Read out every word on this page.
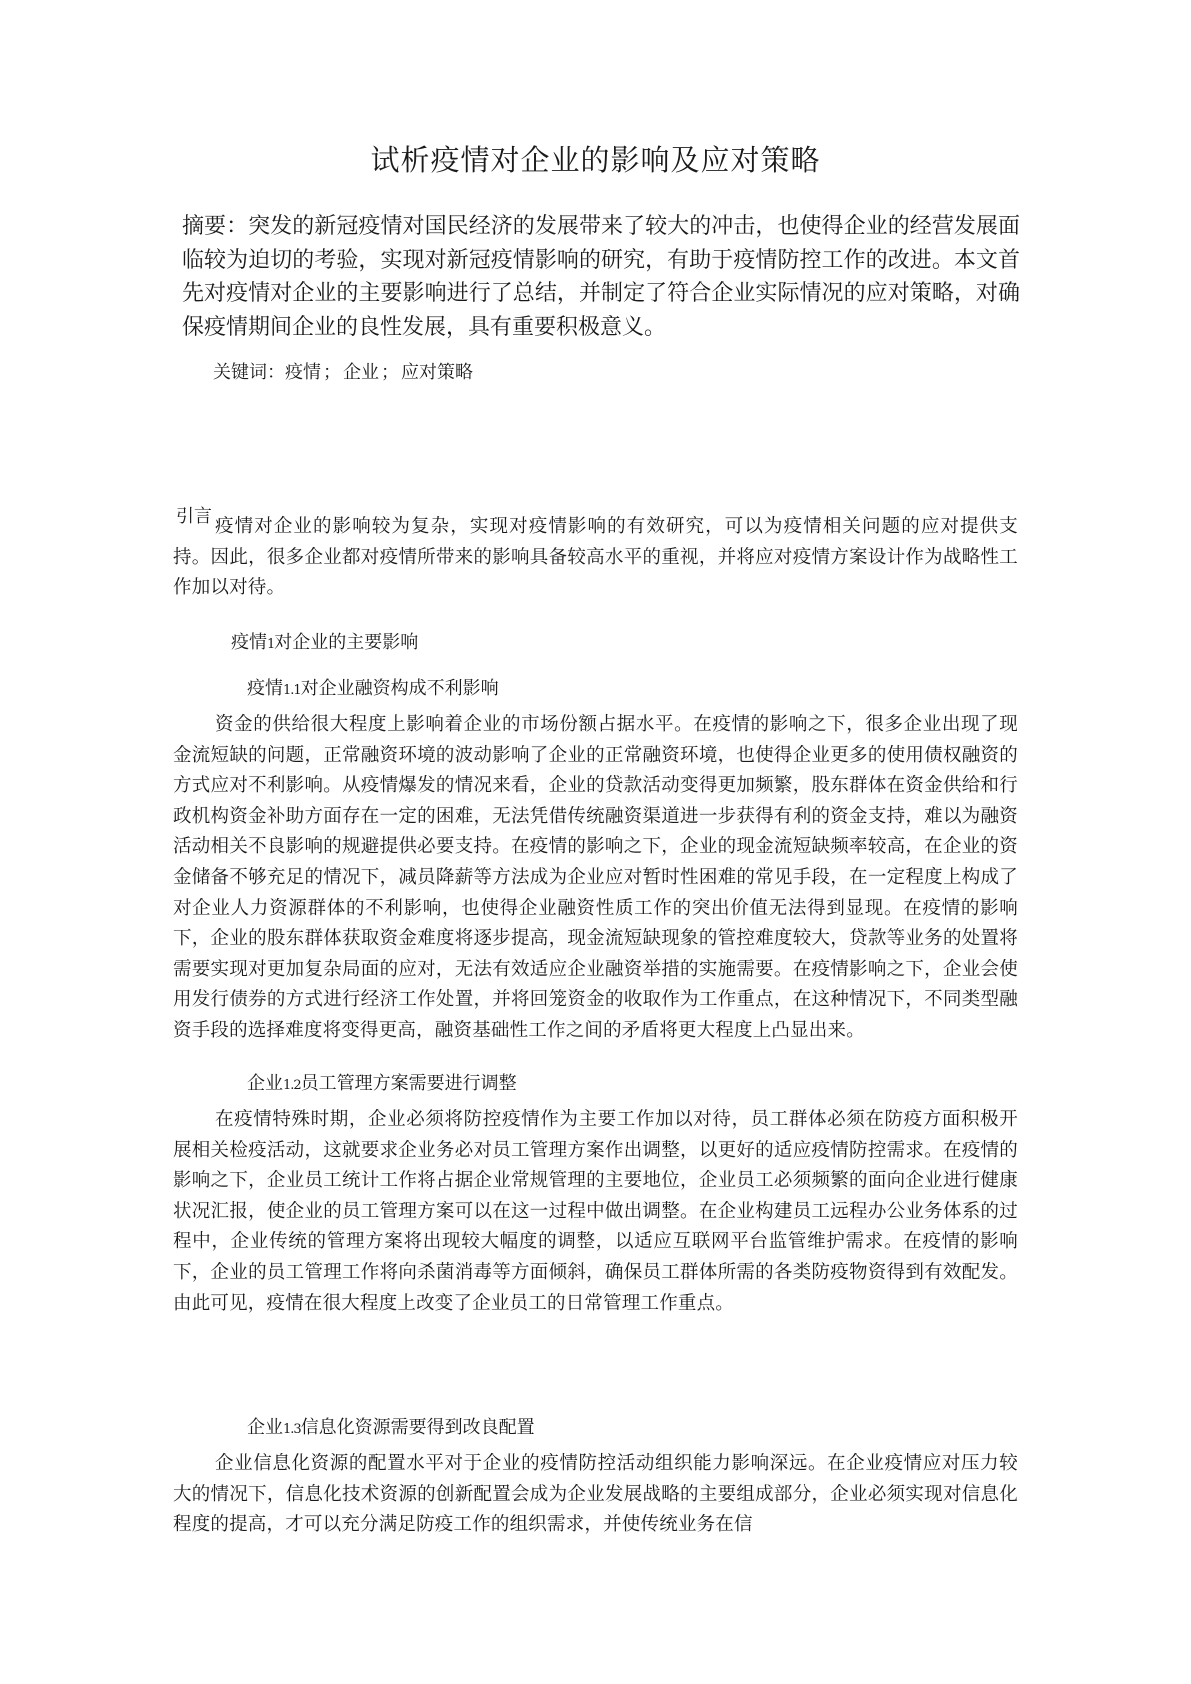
试析疫情对企业的影响及应对策略

摘要：突发的新冠疫情对国民经济的发展带来了较大的冲击，也使得企业的经营发展面临较为迫切的考验，实现对新冠疫情影响的研究，有助于疫情防控工作的改进。本文首先对疫情对企业的主要影响进行了总结，并制定了符合企业实际情况的应对策略，对确保疫情期间企业的良性发展，具有重要积极意义。

关键词：疫情 ； 企业 ； 应对策略

引言 疫情对企业的影响较为复杂，实现对疫情影响的有效研究，可以为疫情相关问题的应对提供支持。因此，很多企业都对疫情所带来的影响具备较高水平的重视，并将应对疫情方案设计作为战略性工作加以对待。

疫情1对企业的主要影响
疫情1.1对企业融资构成不利影响

资金的供给很大程度上影响着企业的市场份额占据水平。在疫情的影响之下，很多企业出现了现金流短缺的问题，正常融资环境的波动影响了企业的正常融资环境，也使得企业更多的使用债权融资的方式应对不利影响。从疫情爆发的情况来看，企业的贷款活动变得更加频繁，股东群体在资金供给和行政机构资金补助方面存在一定的困难，无法凭借传统融资渠道进一步获得有利的资金支持，难以为融资活动相关不良影响的规避提供必要支持。在疫情的影响之下，企业的现金流短缺频率较高，在企业的资金储备不够充足的情况下，减员降薪等方法成为企业应对暂时性困难的常见手段，在一定程度上构成了对企业人力资源群体的不利影响，也使得企业融资性质工作的突出价值无法得到显现。在疫情的影响下，企业的股东群体获取资金难度将逐步提高，现金流短缺现象的管控难度较大，贷款等业务的处置将需要实现对更加复杂局面的应对，无法有效适应企业融资举措的实施需要。在疫情影响之下，企业会使用发行债券的方式进行经济工作处置，并将回笼资金的收取作为工作重点，在这种情况下，不同类型融资手段的选择难度将变得更高，融资基础性工作之间的矛盾将更大程度上凸显出来。

企业1.2员工管理方案需要进行调整

在疫情特殊时期，企业必须将防控疫情作为主要工作加以对待，员工群体必须在防疫方面积极开展相关检疫活动，这就要求企业务必对员工管理方案作出调整，以更好的适应疫情防控需求。在疫情的影响之下，企业员工统计工作将占据企业常规管理的主要地位，企业员工必须频繁的面向企业进行健康状况汇报，使企业的员工管理方案可以在这一过程中做出调整。在企业构建员工远程办公业务体系的过程中，企业传统的管理方案将出现较大幅度的调整，以适应互联网平台监管维护需求。在疫情的影响下，企业的员工管理工作将向杀菌消毒等方面倾斜，确保员工群体所需的各类防疫物资得到有效配发。由此可见，疫情在很大程度上改变了企业员工的日常管理工作重点。

企业1.3信息化资源需要得到改良配置

企业信息化资源的配置水平对于企业的疫情防控活动组织能力影响深远。在企业疫情应对压力较大的情况下，信息化技术资源的创新配置会成为企业发展战略的主要组成部分，企业必须实现对信息化程度的提高，才可以充分满足防疫工作的组织需求，并使传统业务在信
